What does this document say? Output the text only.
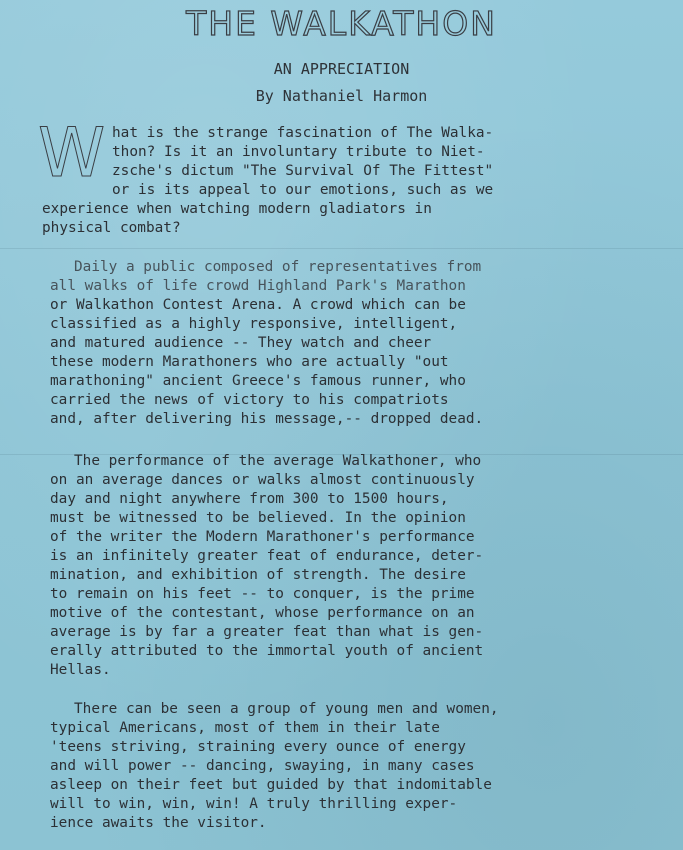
THE WALKATHON
AN APPRECIATION
By Nathaniel Harmon
W hat is the strange fascination of The Walka-
thon? Is it an involuntary tribute to Niet-
zsche's dictum "The Survival Of The Fittest"
or is its appeal to our emotions, such as we
experience when watching modern gladiators in
physical combat?
Daily a public composed of representatives from
all walks of life crowd Highland Park's Marathon
or Walkathon Contest Arena. A crowd which can be
classified as a highly responsive, intelligent,
and matured audience -- They watch and cheer
these modern Marathoners who are actually "out
marathoning" ancient Greece's famous runner, who
carried the news of victory to his compatriots
and, after delivering his message,-- dropped dead.
The performance of the average Walkathoner, who
on an average dances or walks almost continuously
day and night anywhere from 300 to 1500 hours,
must be witnessed to be believed. In the opinion
of the writer the Modern Marathoner's performance
is an infinitely greater feat of endurance, deter-
mination, and exhibition of strength. The desire
to remain on his feet -- to conquer, is the prime
motive of the contestant, whose performance on an
average is by far a greater feat than what is gen-
erally attributed to the immortal youth of ancient
Hellas.
There can be seen a group of young men and women,
typical Americans, most of them in their late
'teens striving, straining every ounce of energy
and will power -- dancing, swaying, in many cases
asleep on their feet but guided by that indomitable
will to win, win, win! A truly thrilling exper-
ience awaits the visitor.
